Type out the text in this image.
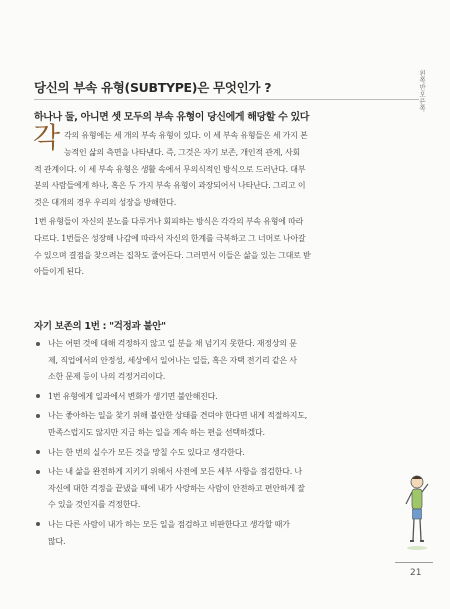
당신의 부속 유형(SUBTYPE)은 무엇인가 ?	왼쪽반오른쪽
하나나 둘, 아니면 셋 모두의 부속 유형이 당신에게 해당할 수 있다
각 각의 유형에는 세 개의 부속 유형이 있다. 이 세 부속 유형들은 세 가지 본
능적인 삶의 측면을 나타낸다. 즉, 그것은 자기 보존, 개인적 관계, 사회
적 관계이다. 이 세 부속 유형은 생활 속에서 무의식적인 방식으로 드러난다. 대부
분의 사람들에게 하나, 혹은 두 가지 부속 유형이 과장되어서 나타난다. 그리고 이
것은 대개의 경우 우리의 성장을 방해한다.
1번 유형들이 자신의 분노를 다루거나 회피하는 방식은 각각의 부속 유형에 따라
다르다. 1번들은 성장해 나감에 따라서 자신의 한계를 극복하고 그 너머로 나아갈
수 있으며 결점을 찾으려는 집착도 줄어든다. 그러면서 이들은 삶을 있는 그대로 받
아들이게 된다.
자기 보존의 1번 : "걱정과 불안"
나는 어떤 것에 대해 걱정하지 않고 일 분을 채 넘기지 못한다. 재정상의 문
제, 직업에서의 안정성, 세상에서 일어나는 일들, 혹은 자택 전기리 같은 사
소한 문제 등이 나의 걱정거리이다.
1번 유형에게 일과에서 변화가 생기면 불안해진다.
나는 좋아하는 일을 찾기 위해 불안한 상태를 견뎌야 한다면 내게 적절하지도,
만족스럽지도 않지만 지금 하는 일을 계속 하는 편을 선택하겠다.
나는 한 번의 실수가 모든 것을 망칠 수도 있다고 생각한다.
나는 내 삶을 완전하게 지키기 위해서 사전에 모든 세부 사항을 점검한다. 나
자신에 대한 걱정을 끝냈을 때에 내가 사랑하는 사람이 안전하고 편안하게 잘
수 있을 것인지를 걱정한다.
나는 다른 사람이 내가 하는 모든 일을 점검하고 비판한다고 생각할 때가
많다.
21
